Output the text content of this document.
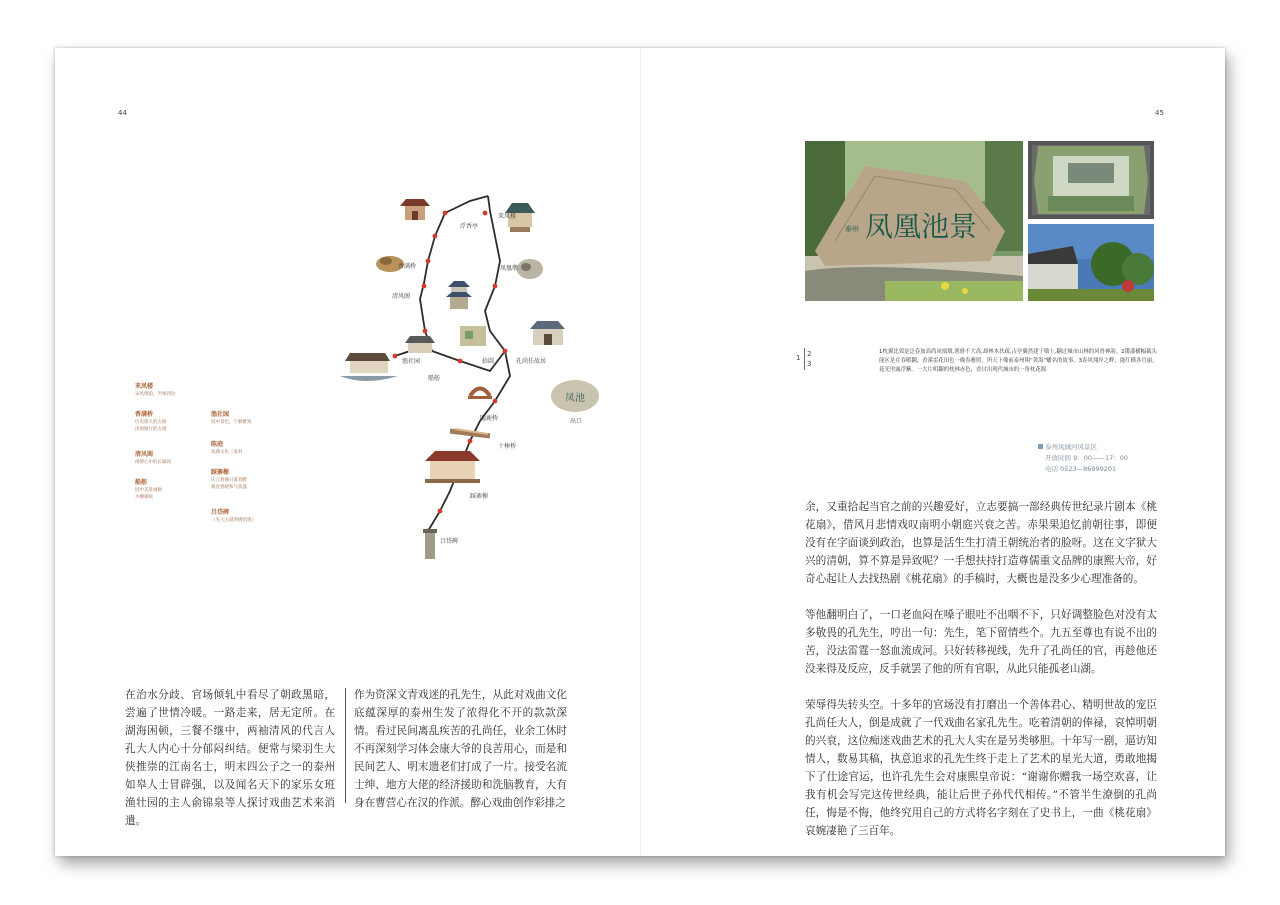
44	45
凤池
来凤楼
浮香亭
香满桥	凤凰墩
清风阁
渔社园
船舫
拾圆	孔尚任故居
隐鹿桥	出口
十棒桥
踩寨榭
吕岱碑
来凤楼
宋风情韵，声闻四达
香满桥
历史悠久的古桥
泽国通行的古渡
清风阁
闲倚心中的长廊园
船舫
园中美景画舫
水榭相映
渔社园
园中景色，宁静雅致
陈庭
戏曲文化三家村
踩寨榭
庆云春阁日暮春醉
相连春晓和气依盛
吕岱碑
《先人古道明碑拾遗》
在治水分歧、官场倾轧中看尽了朝政黑暗，尝遍了世情冷暖。一路走来，居无定所。在湖海困顿，三餐不继中，两袖清风的代言人孔大人内心十分郁闷纠结。便常与梁羽生大侠推崇的江南名士，明末四公子之一的泰州如皋人士冒辟强，以及闻名天下的家乐女班渔壮园的主人俞锦泉等人探讨戏曲艺术来消遣。
作为资深文青戏迷的孔先生，从此对戏曲文化底蕴深厚的泰州生发了浓得化不开的款款深情。看过民间离乱疾苦的孔尚任，业余工休时不再深刻学习体会康大爷的良苦用心，而是和民间艺人、明末遗老们打成了一片。接受名流士绅、地方大佬的经济援助和洗脑教育，大有身在曹营心在汉的作派。醉心戏曲创作彩排之
凤凰池景
泰州
1 2
3
1枕翼比郊是泛春加高尚凤凰墩,渔驿不大高,却林木扶疏,古亭翼然建于墩上,翻过城市山林的风骨神韵。2镂漆横幅截头能区是在春暖翻，香溪雷花田色一晚春雅照，所天下像前泰州翔“黄海”蟠名的故事。3春风翔岸之畔，能红横各官丽，花光里露浮紫。一大片明翻的枕林赤色，香讨出现代城市的一角枕花源
泰州凤城河风景区
开放时间 9：00——17：00
电话 0523—86999201

余，又重拾起当官之前的兴趣爱好，立志要搞一部经典传世纪录片剧本《桃花扇》，借风月悲情戏叹南明小朝庭兴衰之苦。赤果果追忆前朝往事，即便没有在字面谈到政治，也算是活生生打清王朝统治者的脸呀。这在文字狱大兴的清朝，算不算是异致呢？一手想扶持打造尊儒重文品牌的康熙大帝，好奇心起让人去找热剧《桃花扇》的手稿时，大概也是没多少心理准备的。

等他翻明白了，一口老血闷在嗓子眼吐不出咽不下，只好调整脸色对没有太多敬畏的孔先生，哼出一句：先生，笔下留情些个。九五至尊也有说不出的苦，没法雷霆一怒血流成河。只好转移视线，先升了孔尚任的官，再趁他还没来得及反应，反手就罢了他的所有官职，从此只能孤老山湖。

荣辱得失转头空。十多年的官场没有打磨出一个善体君心、精明世故的宠臣孔尚任大人，倒是成就了一代戏曲名家孔先生。吃着清朝的俸禄，哀悼明朝的兴衰，这位痴迷戏曲艺术的孔大人实在是另类够胆。十年写一剧，逼访知情人，数易其稿，执意追求的孔先生终于走上了艺术的星光大道，勇敢地揭下了仕途官运，也许孔先生会对康熙皇帝说：“谢谢你赠我一场空欢喜，让我有机会写完这传世经典，能让后世子孙代代相传。”不管半生潦倒的孔尚任，悔是不悔，他终究用自己的方式将名字刻在了史书上，一曲《桃花扇》哀婉凄艳了三百年。
